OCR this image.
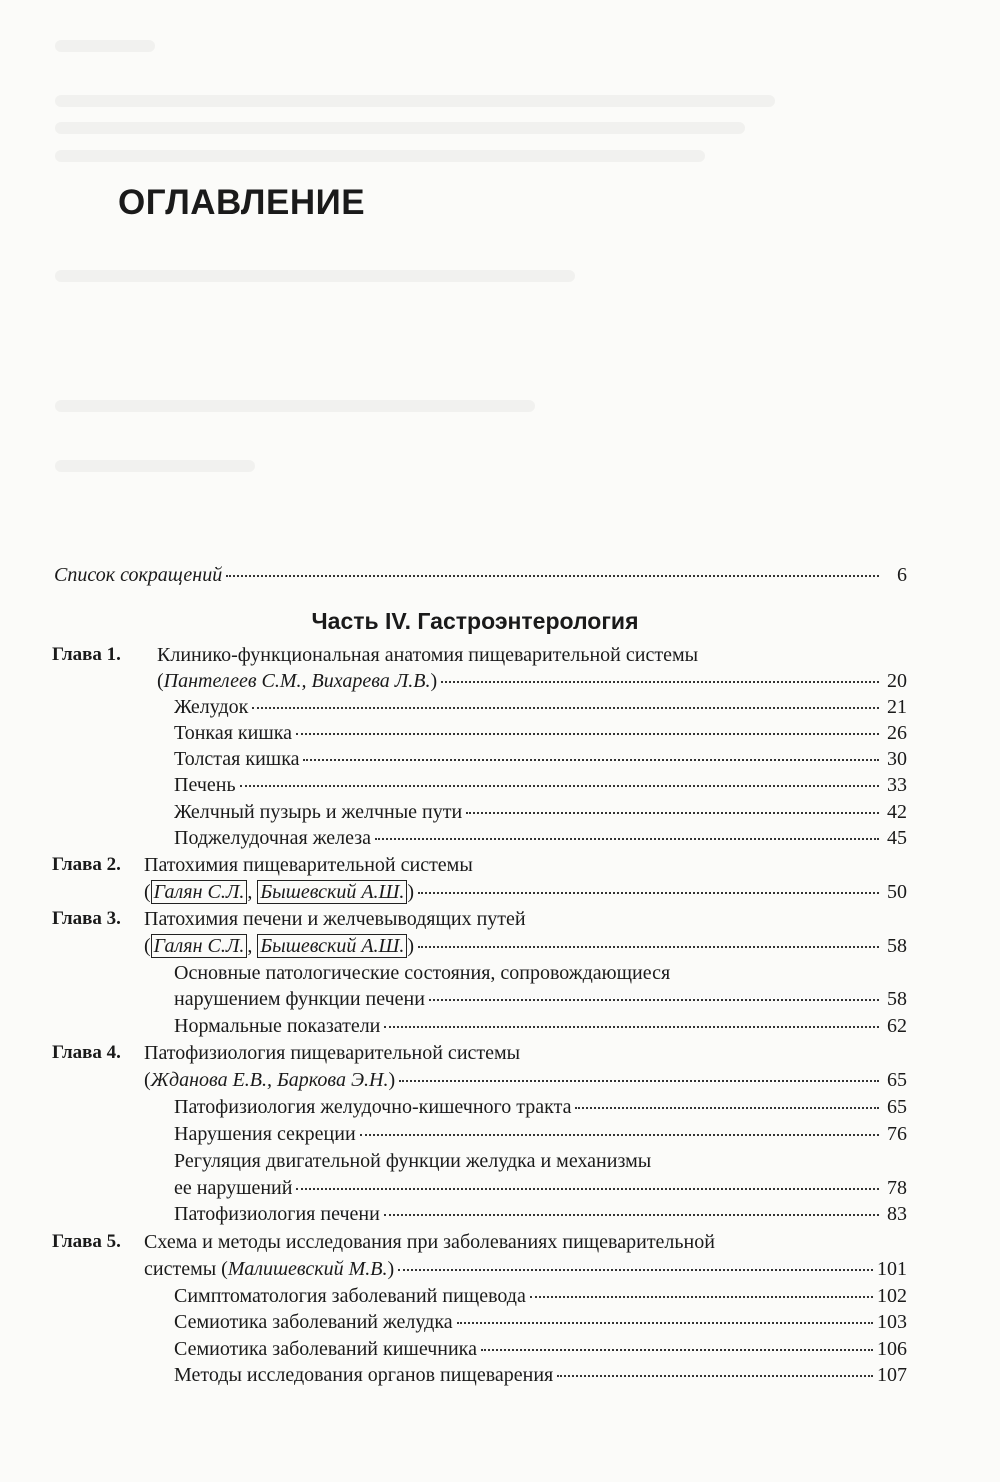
ОГЛАВЛЕНИЕ
Список сокращений	6
Часть IV. Гастроэнтерология
Глава 1. Клинико-функциональная анатомия пищеварительной системы
(Пантелеев С.М., Вихарева Л.В.)	20
Желудок	21
Тонкая кишка	26
Толстая кишка	30
Печень	33
Желчный пузырь и желчные пути	42
Поджелудочная железа	45
Глава 2. Патохимия пищеварительной системы
( Галян С.Л. , Бышевский А.Ш. )	50
Глава 3. Патохимия печени и желчевыводящих путей
( Галян С.Л. , Бышевский А.Ш. )	58
Основные патологические состояния, сопровождающиеся
нарушением функции печени	58
Нормальные показатели	62
Глава 4. Патофизиология пищеварительной системы
(Жданова Е.В., Баркова Э.Н.)	65
Патофизиология желудочно-кишечного тракта	65
Нарушения секреции	76
Регуляция двигательной функции желудка и механизмы
ее нарушений	78
Патофизиология печени	83
Глава 5. Схема и методы исследования при заболеваниях пищеварительной
системы (Малишевский М.В.)	101
Симптоматология заболеваний пищевода	102
Семиотика заболеваний желудка	103
Семиотика заболеваний кишечника	106
Методы исследования органов пищеварения	107
